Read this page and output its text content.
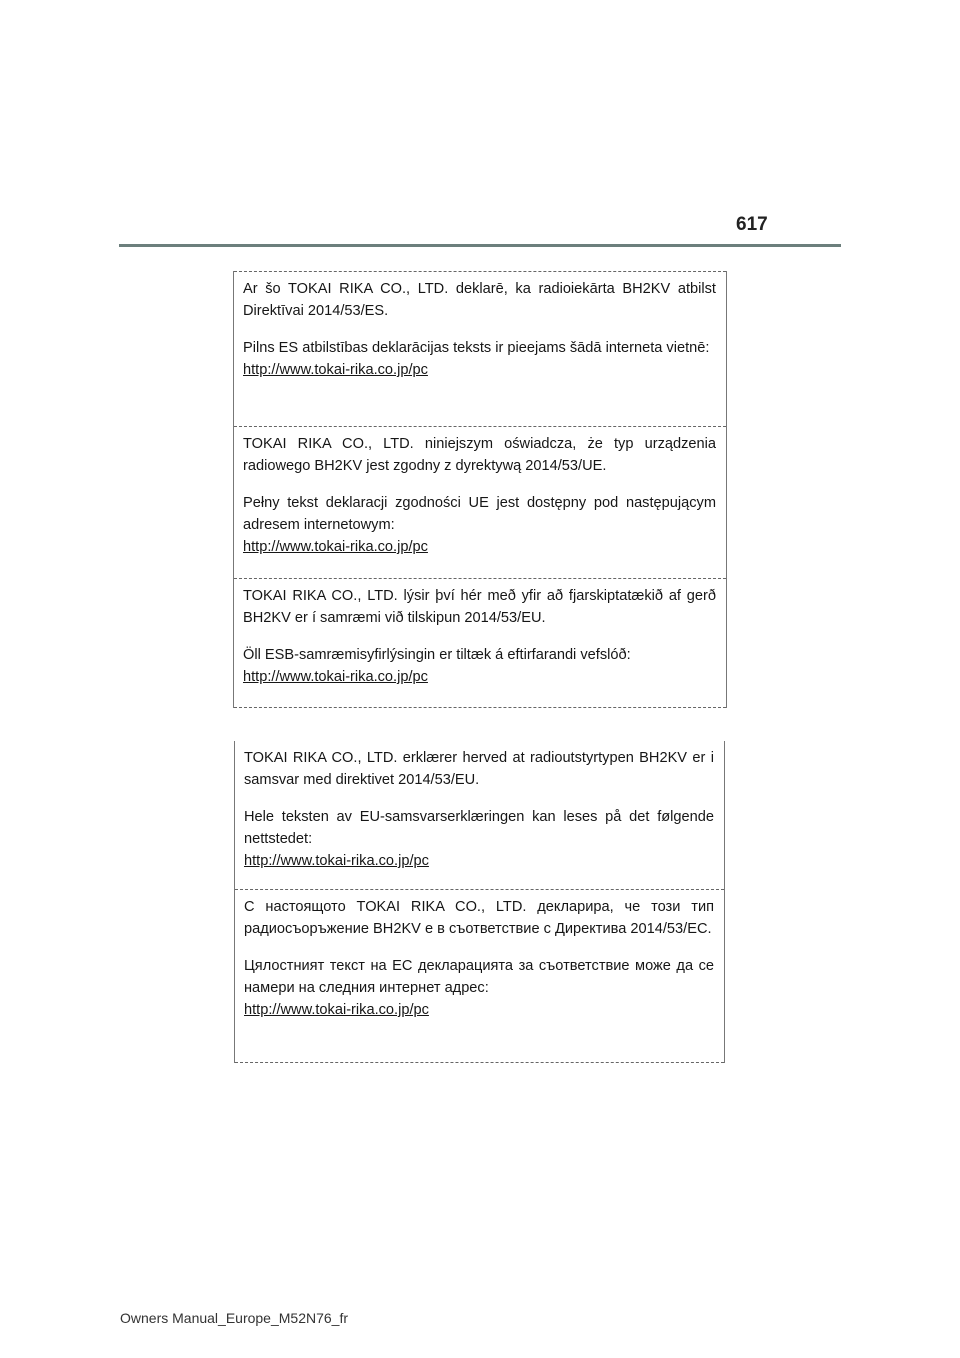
617

Ar šo TOKAI RIKA CO., LTD. deklarē, ka radioiekārta BH2KV atbilst Direktīvai 2014/53/ES.

Pilns ES atbilstības deklarācijas teksts ir pieejams šādā interneta vietnē:

http://www.tokai-rika.co.jp/pc

TOKAI RIKA CO., LTD. niniejszym oświadcza, że typ urządzenia radiowego BH2KV jest zgodny z dyrektywą 2014/53/UE.

Pełny tekst deklaracji zgodności UE jest dostępny pod następującym adresem internetowym:

http://www.tokai-rika.co.jp/pc

TOKAI RIKA CO., LTD. lýsir því hér með yfir að fjarskiptatækið af gerð BH2KV er í samræmi við tilskipun 2014/53/EU.

Öll ESB-samræmisyfirlýsingin er tiltæk á eftirfarandi vefslóð:

http://www.tokai-rika.co.jp/pc

TOKAI RIKA CO., LTD. erklærer herved at radioutstyrtypen BH2KV er i samsvar med direktivet 2014/53/EU.

Hele teksten av EU-samsvarserklæringen kan leses på det følgende nettstedet:

http://www.tokai-rika.co.jp/pc

С настоящото TOKAI RIKA CO., LTD. декларира, че този тип радиосъоръжение BH2KV е в съответствие с Директива 2014/53/ЕС.

Цялостният текст на ЕС декларацията за съответствие може да се намери на следния интернет адрес:

http://www.tokai-rika.co.jp/pc

Owners Manual_Europe_M52N76_fr
